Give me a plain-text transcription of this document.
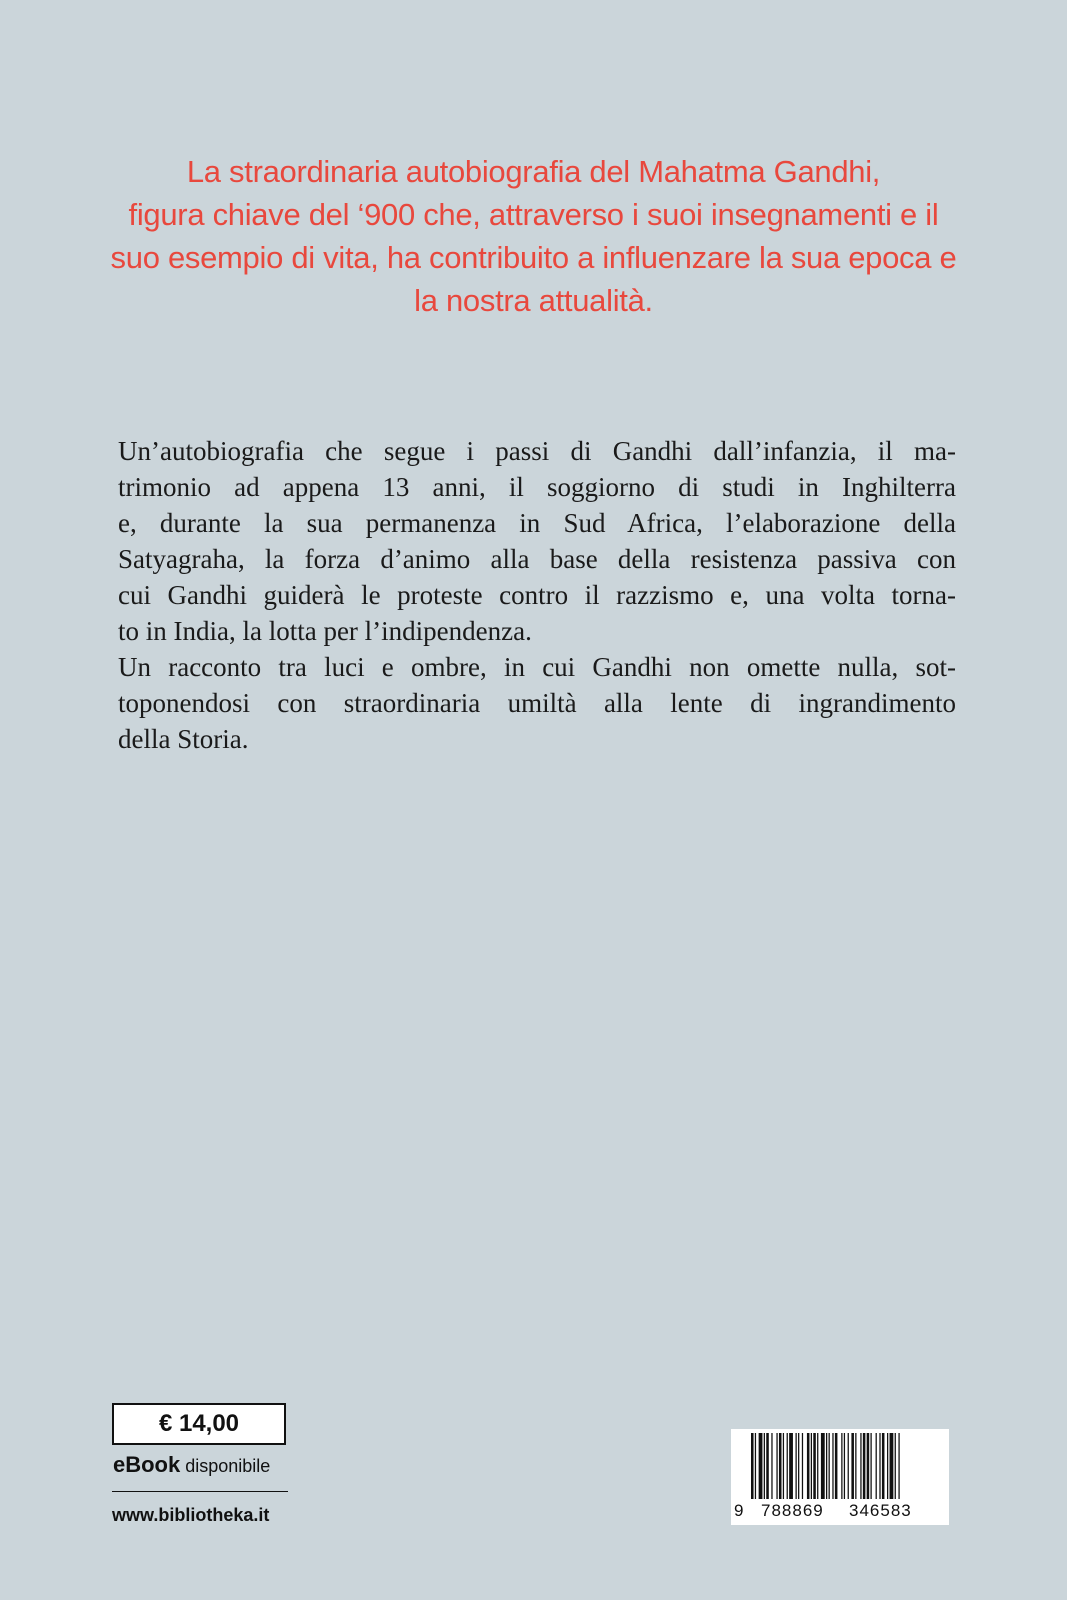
La straordinaria autobiografia del Mahatma Gandhi,
figura chiave del ‘900 che, attraverso i suoi insegnamenti e il
suo esempio di vita, ha contribuito a influenzare la sua epoca e
la nostra attualità.
Un’autobiografia che segue i passi di Gandhi dall’infanzia, il ma-
trimonio ad appena 13 anni, il soggiorno di studi in Inghilterra
e, durante la sua permanenza in Sud Africa, l’elaborazione della
Satyagraha, la forza d’animo alla base della resistenza passiva con
cui Gandhi guiderà le proteste contro il razzismo e, una volta torna-
to in India, la lotta per l’indipendenza.
Un racconto tra luci e ombre, in cui Gandhi non omette nulla, sot-
toponendosi con straordinaria umiltà alla lente di ingrandimento
della Storia.
€ 14,00
eBook disponibile
www.bibliotheka.it	9 788869 346583
